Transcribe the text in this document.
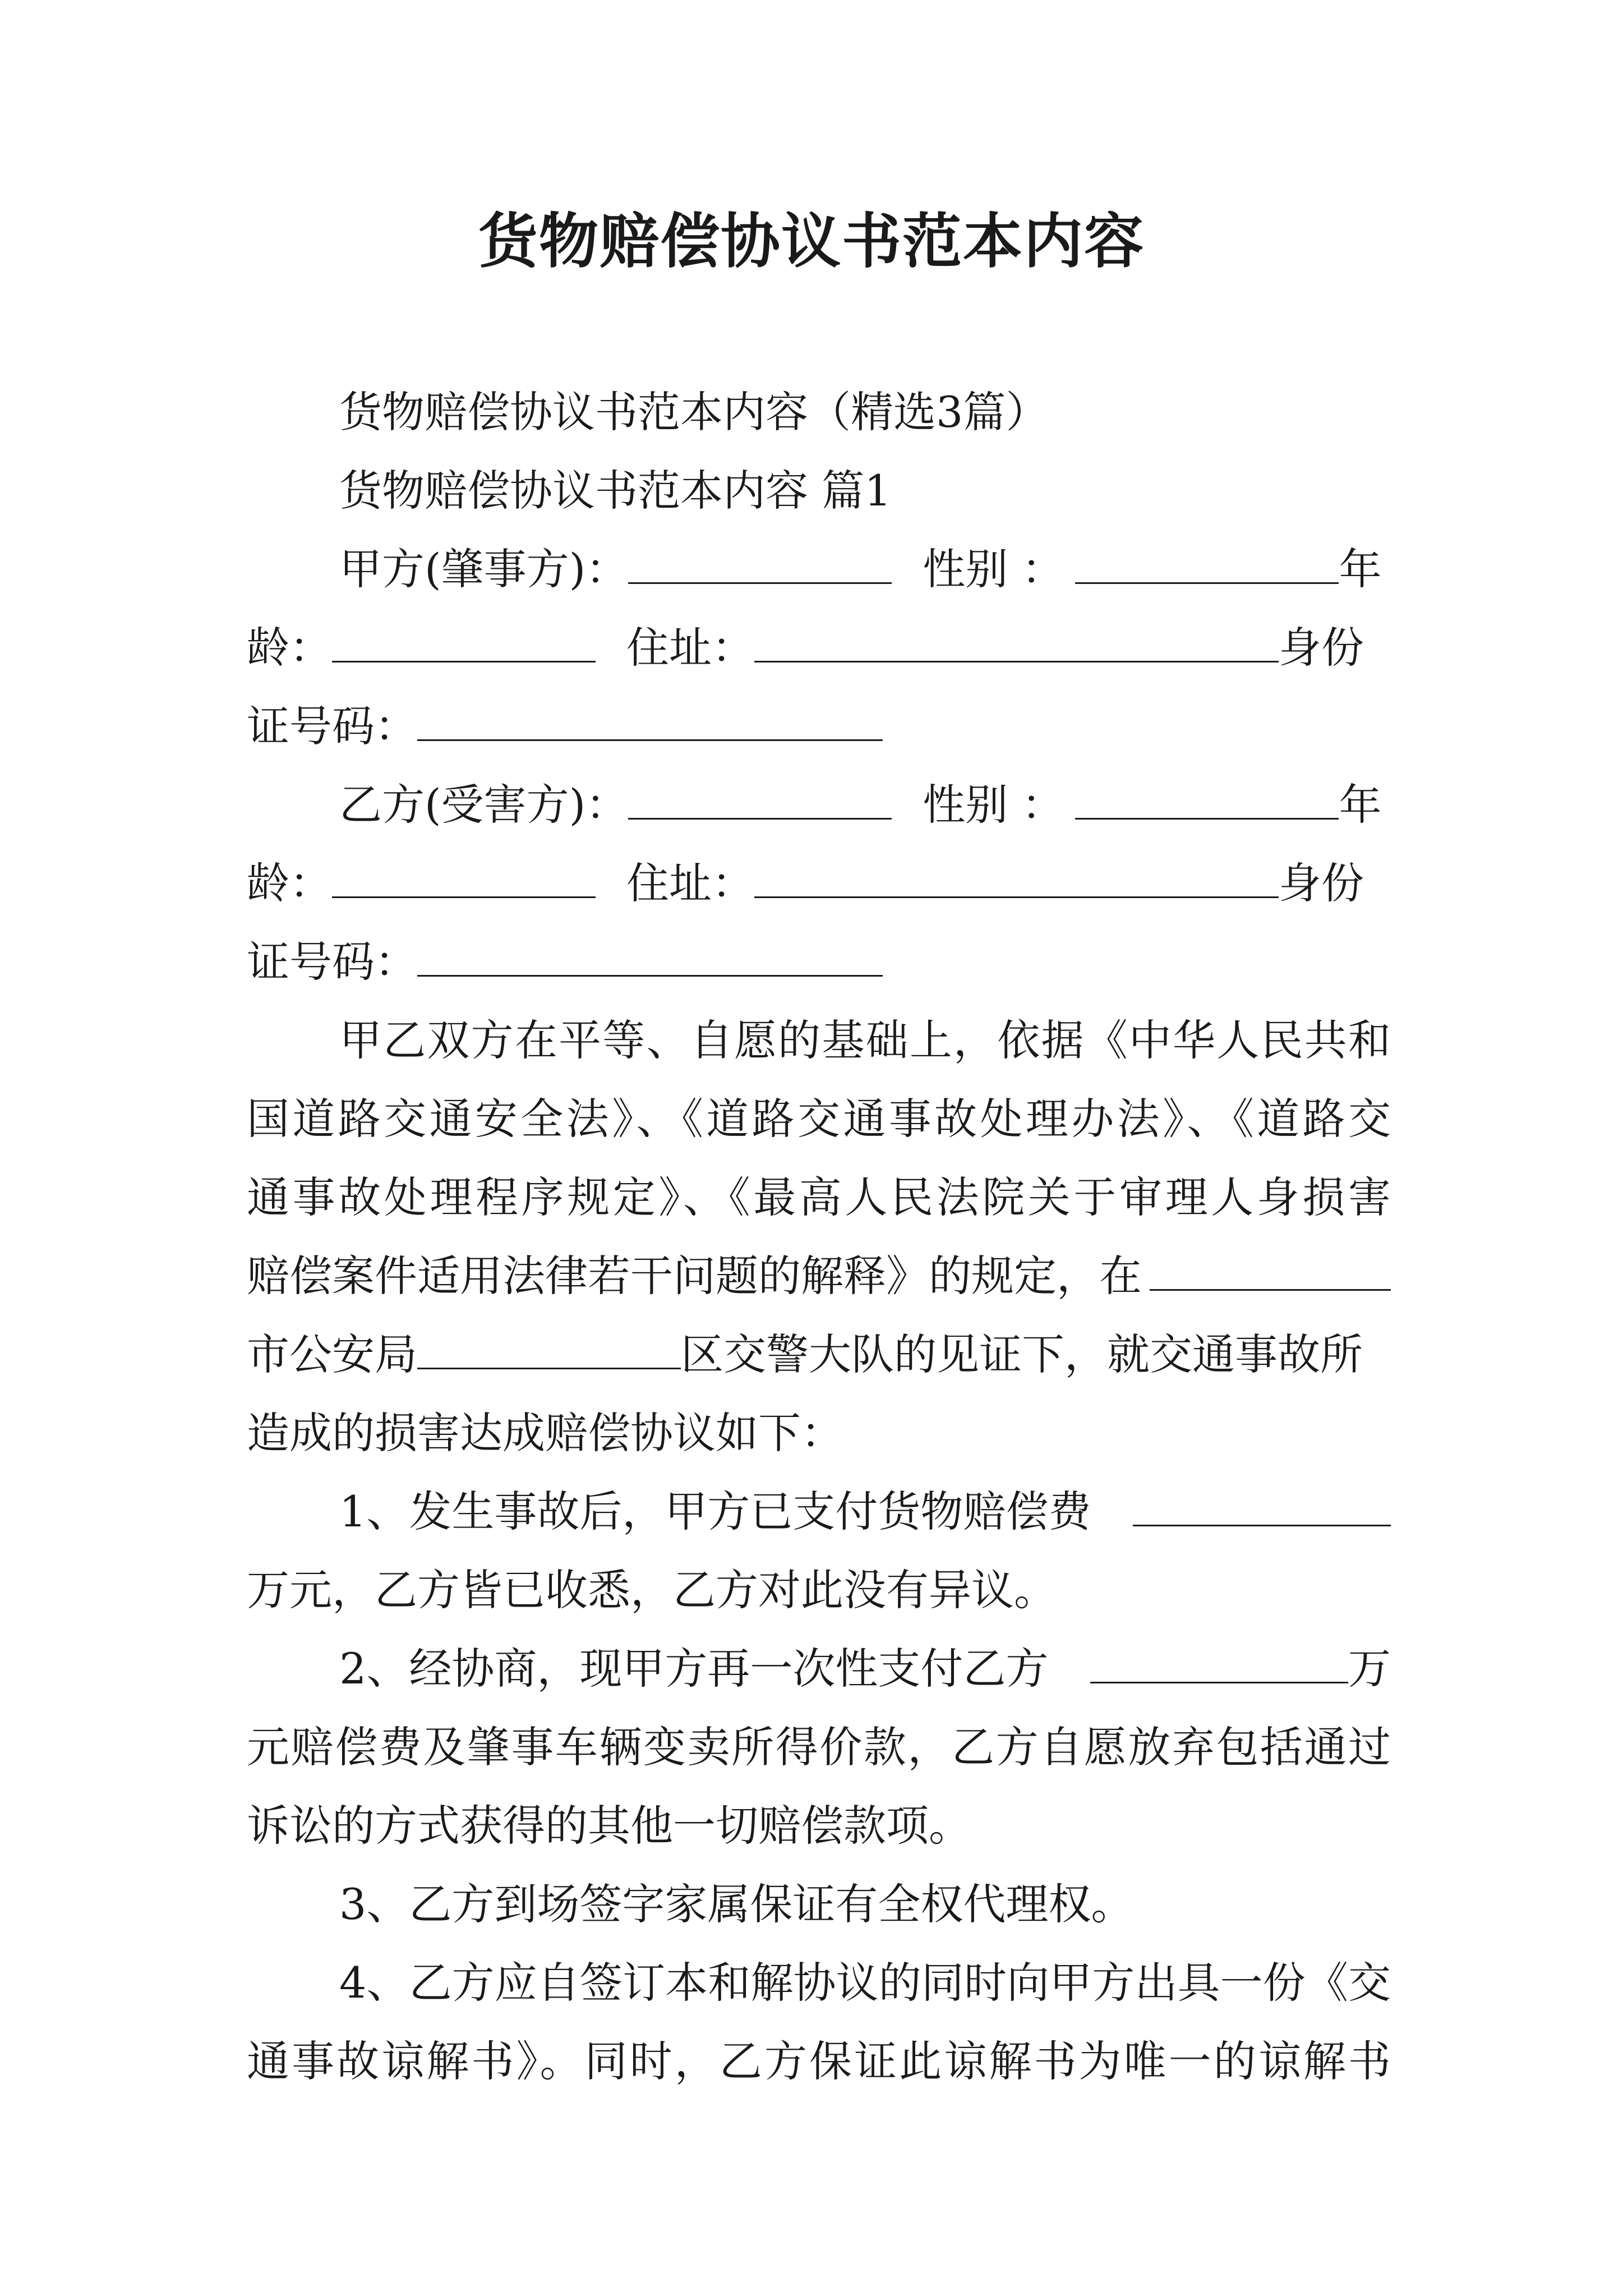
货物赔偿协议书范本内容
货物赔偿协议书范本内容（精选3篇）
货物赔偿协议书范本内容 篇1
甲方(肇事方)：	性别 ：	年
龄：	住址：	身份
证号码：
乙方(受害方)：	性别 ：	年
龄：	住址：	身份
证号码：
甲乙双方在平等、自愿的基础上，依据《中华人民共和
国道路交通安全法》、《道路交通事故处理办法》、《道路交
通事故处理程序规定》、《最高人民法院关于审理人身损害
赔偿案件适用法律若干问题的解释》的规定，在
市公安局	区交警大队的见证下，就交通事故所
造成的损害达成赔偿协议如下：
1、发生事故后，甲方已支付货物赔偿费
万元，乙方皆已收悉，乙方对此没有异议。
2、经协商，现甲方再一次性支付乙方	万
元赔偿费及肇事车辆变卖所得价款，乙方自愿放弃包括通过
诉讼的方式获得的其他一切赔偿款项。
3、乙方到场签字家属保证有全权代理权。
4、乙方应自签订本和解协议的同时向甲方出具一份《交
通事故谅解书》。同时，乙方保证此谅解书为唯一的谅解书
